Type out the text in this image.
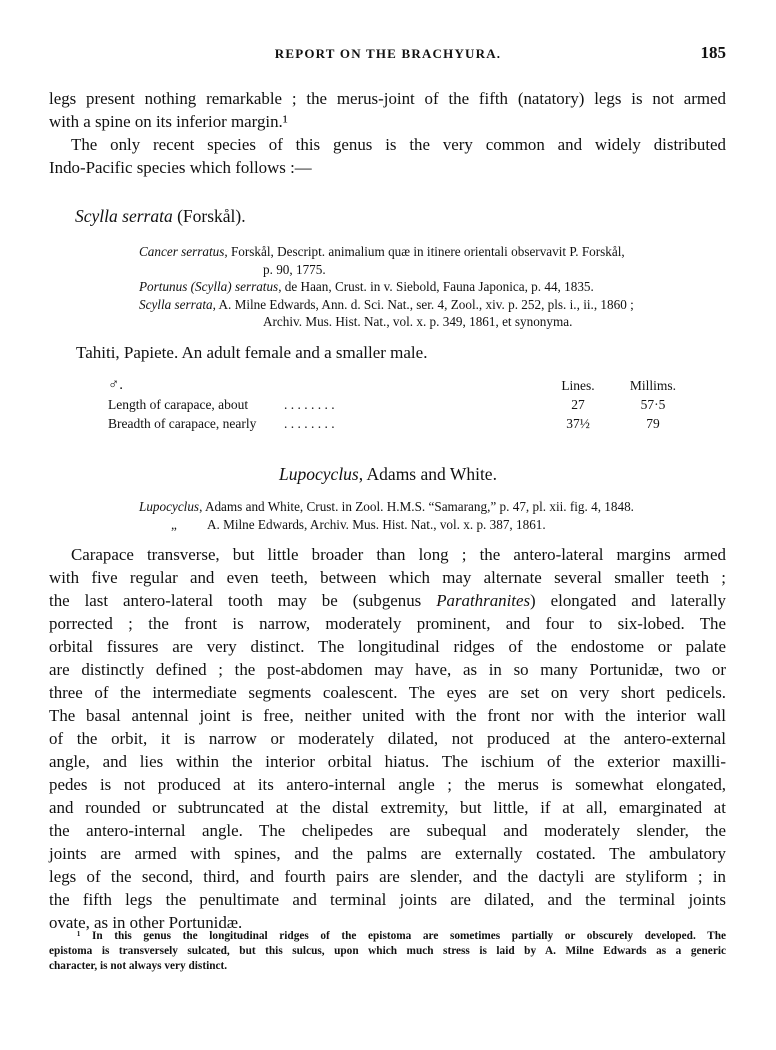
REPORT ON THE BRACHYURA.	185
legs present nothing remarkable ; the merus-joint of the fifth (natatory) legs is not armed
with a spine on its inferior margin.¹
The only recent species of this genus is the very common and widely distributed
Indo-Pacific species which follows :—
Scylla serrata (Forskål).
Cancer serratus, Forskål, Descript. animalium quæ in itinere orientali observavit P. Forskål,
p. 90, 1775.
Portunus (Scylla) serratus, de Haan, Crust. in v. Siebold, Fauna Japonica, p. 44, 1835.
Scylla serrata, A. Milne Edwards, Ann. d. Sci. Nat., ser. 4, Zool., xiv. p. 252, pls. i., ii., 1860 ;
Archiv. Mus. Hist. Nat., vol. x. p. 349, 1861, et synonyma.
Tahiti, Papiete. An adult female and a smaller male.
♂.	Lines.	Millims.
Length of carapace, about	. . . . . . . .	27	57·5
Breadth of carapace, nearly . . . . . . . .	37½	79
Lupocyclus, Adams and White.
Lupocyclus, Adams and White, Crust. in Zool. H.M.S. “Samarang,” p. 47, pl. xii. fig. 4, 1848.
„ A. Milne Edwards, Archiv. Mus. Hist. Nat., vol. x. p. 387, 1861.
Carapace transverse, but little broader than long ; the antero-lateral margins armed
with five regular and even teeth, between which may alternate several smaller teeth ;
the last antero-lateral tooth may be (subgenus Parathranites) elongated and laterally
porrected ; the front is narrow, moderately prominent, and four to six-lobed. The
orbital fissures are very distinct. The longitudinal ridges of the endostome or palate
are distinctly defined ; the post-abdomen may have, as in so many Portunidæ, two or
three of the intermediate segments coalescent. The eyes are set on very short pedicels.
The basal antennal joint is free, neither united with the front nor with the interior wall
of the orbit, it is narrow or moderately dilated, not produced at the antero-external
angle, and lies within the interior orbital hiatus. The ischium of the exterior maxilli-
pedes is not produced at its antero-internal angle ; the merus is somewhat elongated,
and rounded or subtruncated at the distal extremity, but little, if at all, emarginated at
the antero-internal angle. The chelipedes are subequal and moderately slender, the
joints are armed with spines, and the palms are externally costated. The ambulatory
legs of the second, third, and fourth pairs are slender, and the dactyli are styliform ; in
the fifth legs the penultimate and terminal joints are dilated, and the terminal joints
ovate, as in other Portunidæ.
¹ In this genus the longitudinal ridges of the epistoma are sometimes partially or obscurely developed. The
epistoma is transversely sulcated, but this sulcus, upon which much stress is laid by A. Milne Edwards as a generic
character, is not always very distinct.
